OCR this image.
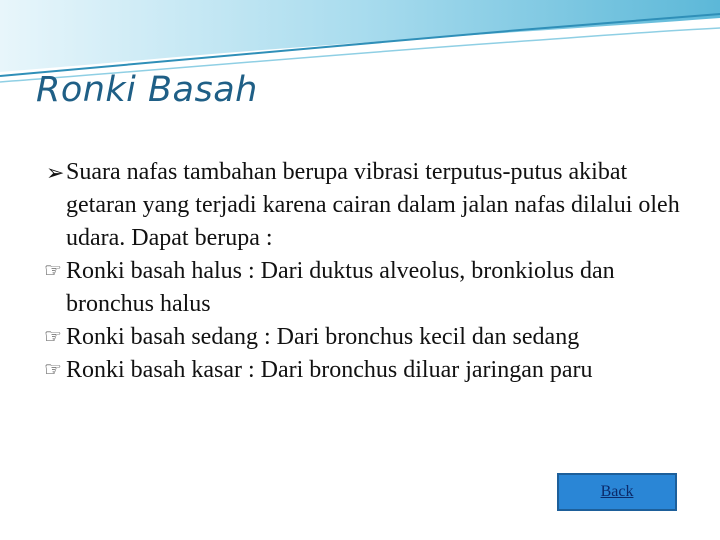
Ronki Basah
➢ Suara nafas tambahan berupa vibrasi terputus-putus akibat getaran yang terjadi karena cairan dalam jalan nafas dilalui oleh udara. Dapat berupa :
☞ Ronki basah halus : Dari duktus alveolus, bronkiolus dan bronchus halus
☞ Ronki basah sedang : Dari bronchus kecil dan sedang
☞ Ronki basah kasar : Dari bronchus diluar jaringan paru
Back
